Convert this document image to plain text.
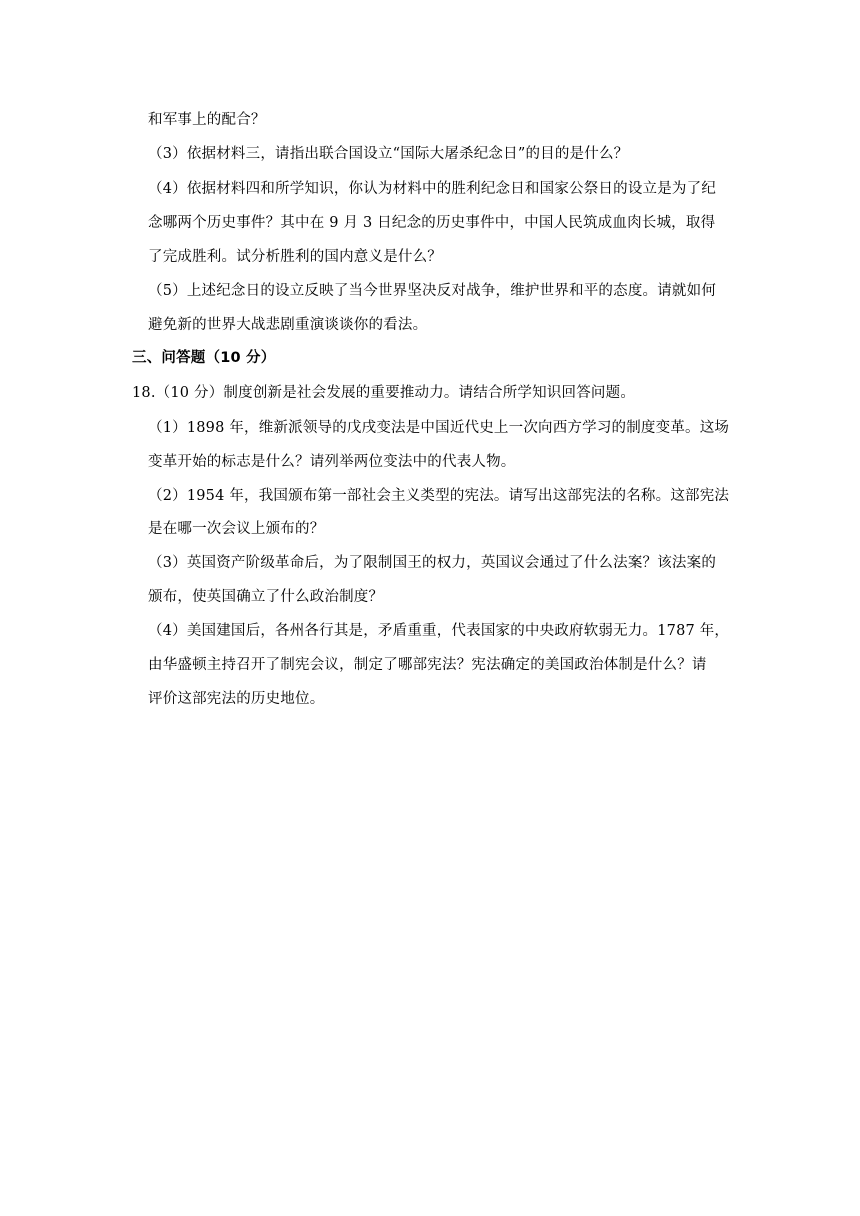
和军事上的配合？
（3）依据材料三，请指出联合国设立“国际大屠杀纪念日”的目的是什么？
（4）依据材料四和所学知识，你认为材料中的胜利纪念日和国家公祭日的设立是为了纪
念哪两个历史事件？其中在 9 月 3 日纪念的历史事件中，中国人民筑成血肉长城，取得
了完成胜利。试分析胜利的国内意义是什么？
（5）上述纪念日的设立反映了当今世界坚决反对战争，维护世界和平的态度。请就如何
避免新的世界大战悲剧重演谈谈你的看法。
三、问答题（10 分）
18.（10 分）制度创新是社会发展的重要推动力。请结合所学知识回答问题。
（1）1898 年，维新派领导的戊戌变法是中国近代史上一次向西方学习的制度变革。这场
变革开始的标志是什么？请列举两位变法中的代表人物。
（2）1954 年，我国颁布第一部社会主义类型的宪法。请写出这部宪法的名称。这部宪法
是在哪一次会议上颁布的？
（3）英国资产阶级革命后，为了限制国王的权力，英国议会通过了什么法案？该法案的
颁布，使英国确立了什么政治制度？
（4）美国建国后，各州各行其是，矛盾重重，代表国家的中央政府软弱无力。1787 年，
由华盛顿主持召开了制宪会议，制定了哪部宪法？宪法确定的美国政治体制是什么？请
评价这部宪法的历史地位。
